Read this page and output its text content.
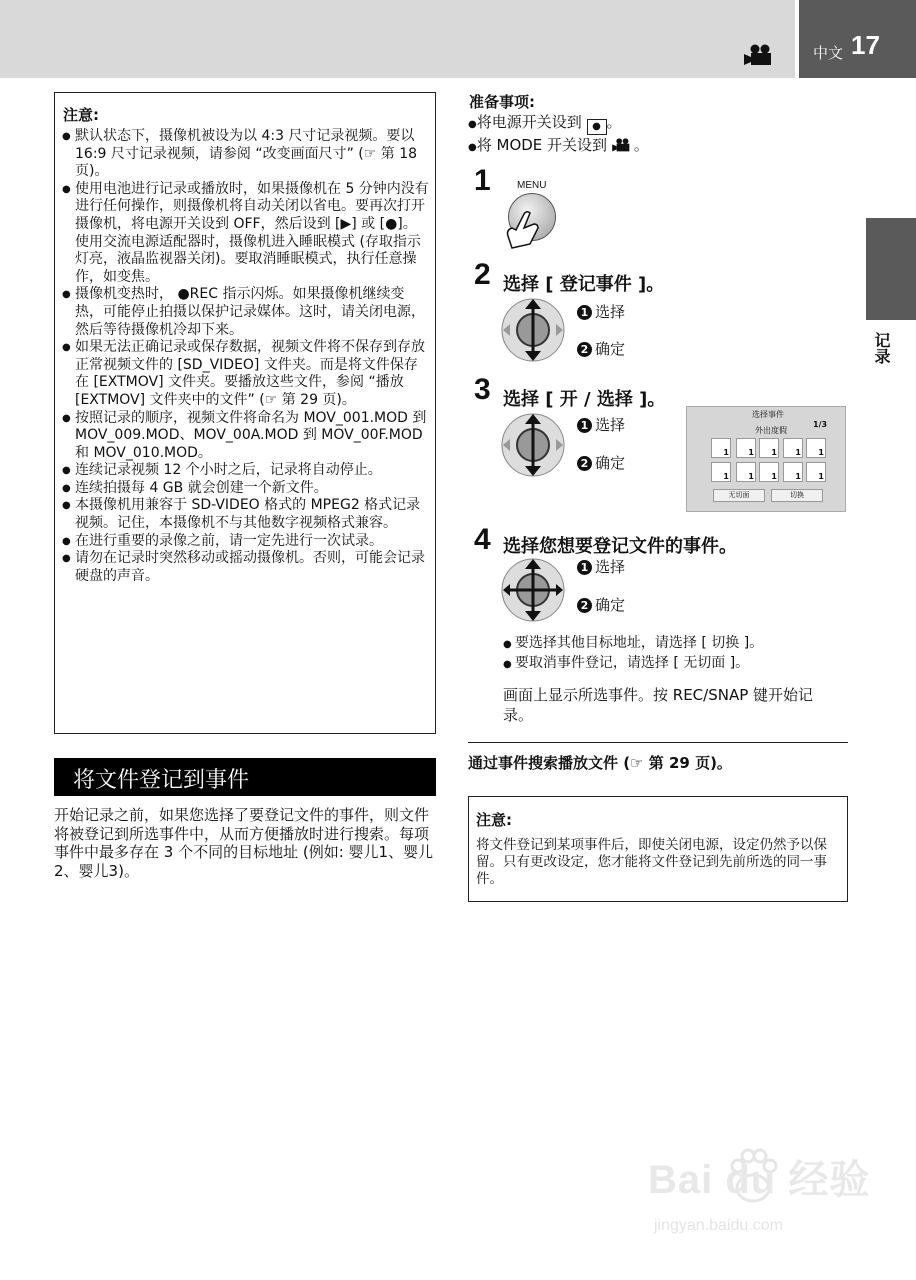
中文 17
记录
注意:
● 默认状态下，摄像机被设为以 4:3 尺寸记录视频。要以 16:9 尺寸记录视频，请参阅 “改变画面尺寸” (☞ 第 18 页)。
● 使用电池进行记录或播放时，如果摄像机在 5 分钟内没有进行任何操作，则摄像机将自动关闭以省电。要再次打开摄像机，将电源开关设到 OFF，然后设到 [▶] 或 [●]。使用交流电源适配器时，摄像机进入睡眠模式 (存取指示灯亮，液晶监视器关闭)。要取消睡眠模式，执行任意操作，如变焦。
● 摄像机变热时， ●REC 指示闪烁。如果摄像机继续变热，可能停止拍摄以保护记录媒体。这时，请关闭电源，然后等待摄像机冷却下来。
● 如果无法正确记录或保存数据，视频文件将不保存到存放正常视频文件的 [SD_VIDEO] 文件夹。而是将文件保存在 [EXTMOV] 文件夹。要播放这些文件，参阅 “播放 [EXTMOV] 文件夹中的文件” (☞ 第 29 页)。
● 按照记录的顺序，视频文件将命名为 MOV_001.MOD 到 MOV_009.MOD、MOV_00A.MOD 到 MOV_00F.MOD 和 MOV_010.MOD。
● 连续记录视频 12 个小时之后，记录将自动停止。
● 连续拍摄每 4 GB 就会创建一个新文件。
● 本摄像机用兼容于 SD-VIDEO 格式的 MPEG2 格式记录视频。记住，本摄像机不与其他数字视频格式兼容。
● 在进行重要的录像之前，请一定先进行一次试录。
● 请勿在记录时突然移动或摇动摄像机。否则，可能会记录硬盘的声音。
将文件登记到事件

开始记录之前，如果您选择了要登记文件的事件，则文件将被登记到所选事件中，从而方便播放时进行搜索。每项事件中最多存在 3 个不同的目标地址 (例如: 婴儿1、婴儿2、婴儿3)。

准备事项:
●将电源开关设到 ● 。
●将 MODE 开关设到 。
1	MENU
2 选择 [ 登记事件 ]。
1 选择
2 确定
3 选择 [ 开 / 选择 ]。
1 选择
2 确定
选择事件
1/3
外出度假
1 1 1 1 1
1 1 1 1 1
无切面	切换
4 选择您想要登记文件的事件。
1 选择
2 确定
● 要选择其他目标地址，请选择 [ 切换 ]。
● 要取消事件登记，请选择 [ 无切面 ]。

画面上显示所选事件。按 REC/SNAP 键开始记录。

通过事件搜索播放文件 (☞ 第 29 页)。
注意:

将文件登记到某项事件后，即使关闭电源，设定仍然予以保留。只有更改设定，您才能将文件登记到先前所选的同一事件。

Bai du 经验
jingyan.baidu.com
